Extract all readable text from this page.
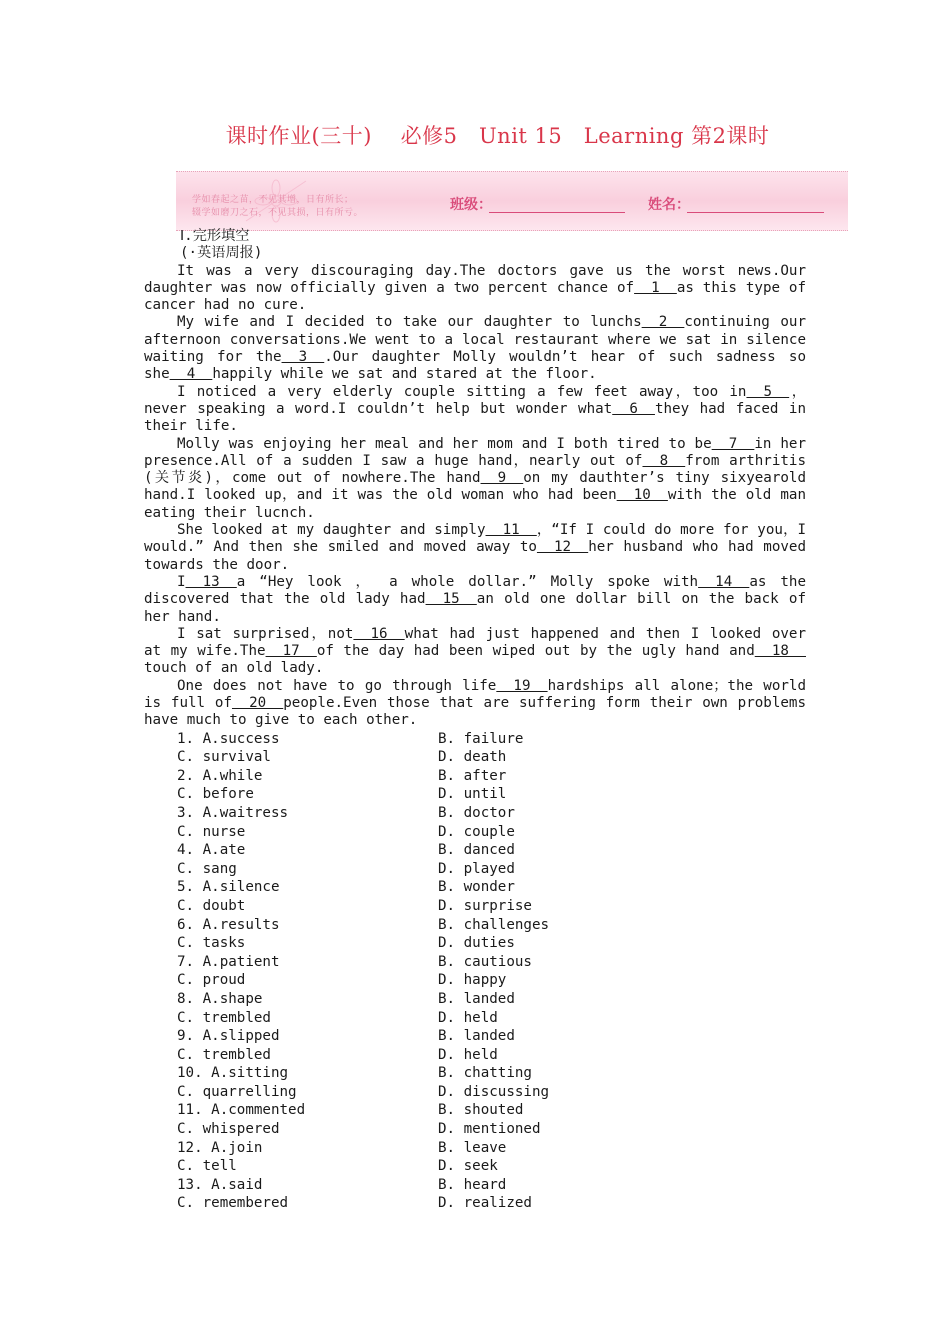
课时作业(三十)　 必修5　Unit 15　Learning 第2课时
学如春起之苗，不见其增，日有所长；
辍学如磨刀之石，不见其损，日有所亏。	班级：	姓名：

Ⅰ.完形填空

(·英语周报)

It was a very discouraging day.The doctors gave us the worst news.Our daughter was now officially given a two percent chance of  1  as this type of cancer had no cure.

My wife and I decided to take our daughter to lunchs  2  continuing our afternoon conversations.We went to a local restaurant where we sat in silence waiting for the  3  .Our daughter Molly wouldn’t hear of such sadness so she  4  happily while we sat and stared at the floor.

I noticed a very elderly couple sitting a few feet away，too in  5  ，never speaking a word.I couldn’t help but wonder what  6  they had faced in their life.

Molly was enjoying her meal and her mom and I both tired to be  7  in her presence.All of a sudden I saw a huge hand，nearly out of  8  from arthritis (关节炎)，come out of nowhere.The hand  9  on my dauthter’s tiny sixyearold hand.I looked up，and it was the old woman who had been  10  with the old man eating their lucnch.

She looked at my daughter and simply  11  ，“If I could do more for you，I would.” And then she smiled and moved away to  12  her husband who had moved towards the door.

I  13  a “Hey look ， a whole dollar.” Molly spoke with  14  as the discovered that the old lady had  15  an old one dollar bill on the back of her hand.

I sat surprised，not  16  what had just happened and then I looked over at my wife.The  17  of the day had been wiped out by the ugly hand and  18  touch of an old lady.

One does not have to go through life  19  hardships all alone；the world is full of  20  people.Even those that are suffering form their own problems have much to give to each other.

1. A.success	B. failure
C. survival	D. death
2. A.while	B. after
C. before	D. until
3. A.waitress	B. doctor
C. nurse	D. couple
4. A.ate	B. danced
C. sang	D. played
5. A.silence	B. wonder
C. doubt	D. surprise
6. A.results	B. challenges
C. tasks	D. duties
7. A.patient	B. cautious
C. proud	D. happy
8. A.shape	B. landed
C. trembled	D. held
9. A.slipped	B. landed
C. trembled	D. held
10. A.sitting	B. chatting
C. quarrelling	D. discussing
11. A.commented	B. shouted
C. whispered	D. mentioned
12. A.join	B. leave
C. tell	D. seek
13. A.said	B. heard
C. remembered	D. realized
